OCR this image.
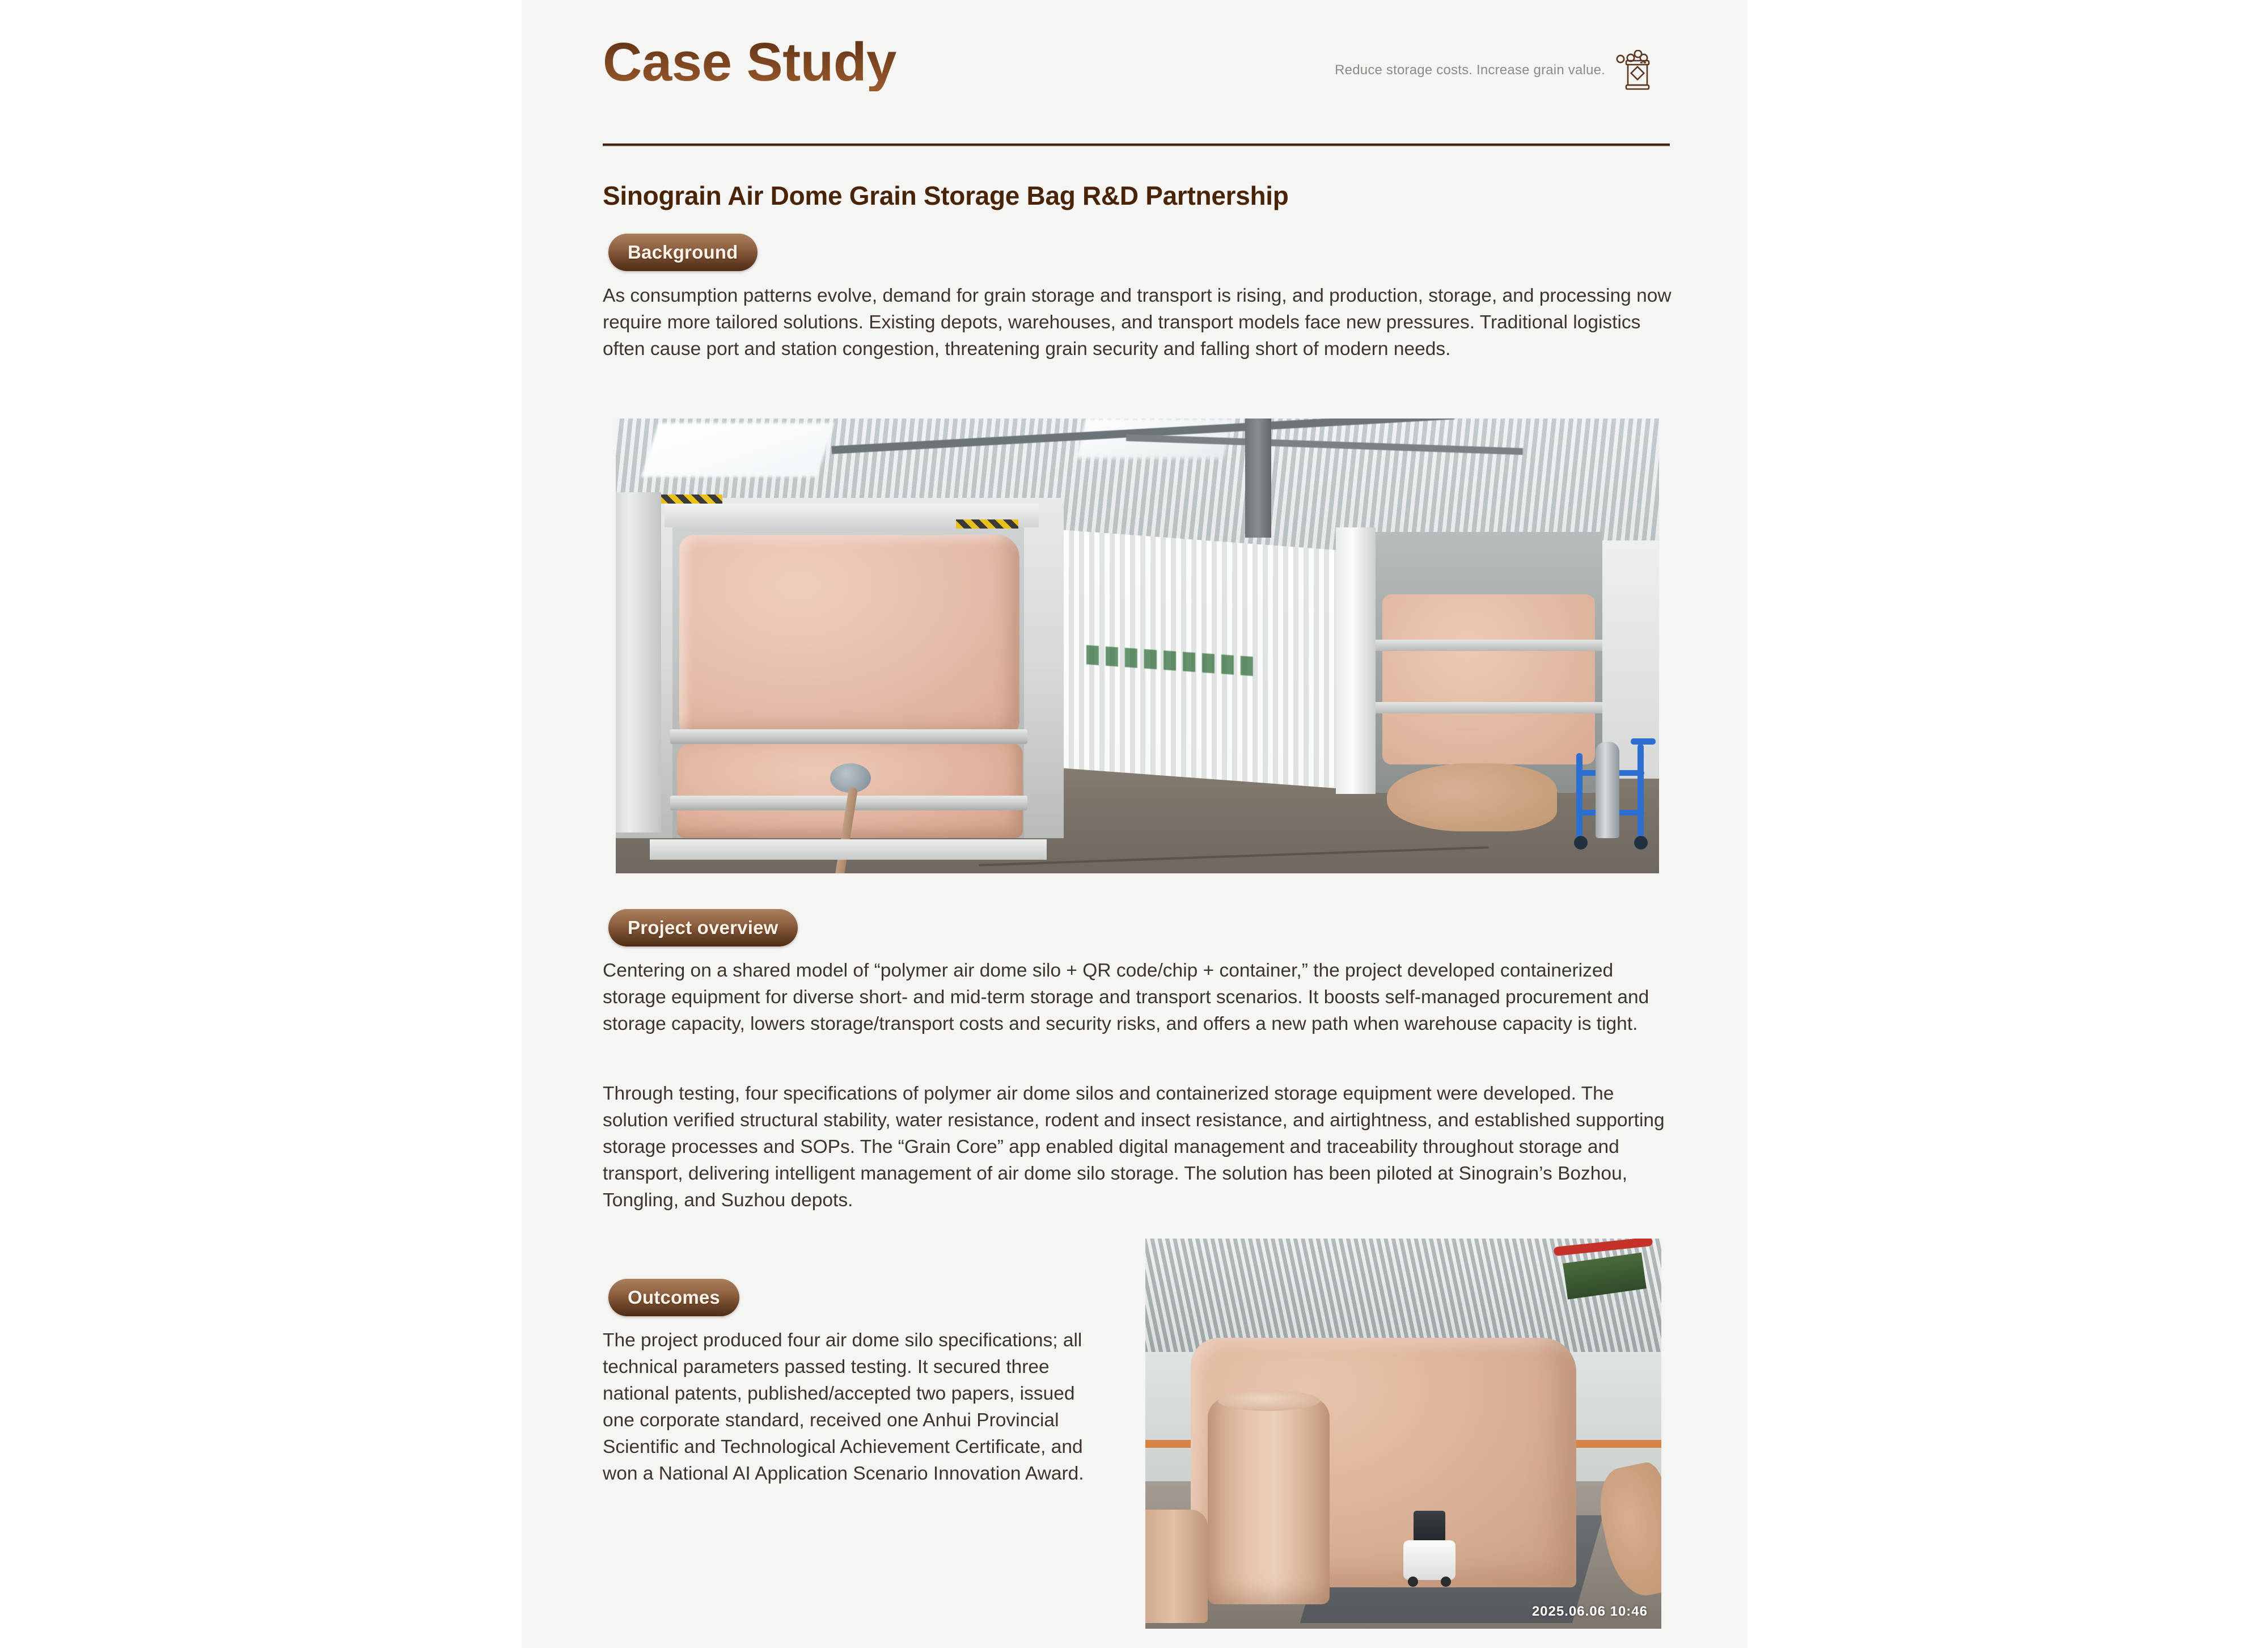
Case Study	Reduce storage costs. Increase grain value.
Sinograin Air Dome Grain Storage Bag R&D Partnership
Background
As consumption patterns evolve, demand for grain storage and transport is rising, and production, storage, and processing now require more tailored solutions. Existing depots, warehouses, and transport models face new pressures. Traditional logistics often cause port and station congestion, threatening grain security and falling short of modern needs.
Project overview
Centering on a shared model of “polymer air dome silo + QR code/chip + container,” the project developed containerized storage equipment for diverse short- and mid-term storage and transport scenarios. It boosts self-managed procurement and storage capacity, lowers storage/transport costs and security risks, and offers a new path when warehouse capacity is tight.
Through testing, four specifications of polymer air dome silos and containerized storage equipment were developed. The solution verified structural stability, water resistance, rodent and insect resistance, and airtightness, and established supporting storage processes and SOPs. The “Grain Core” app enabled digital management and traceability throughout storage and transport, delivering intelligent management of air dome silo storage. The solution has been piloted at Sinograin’s Bozhou, Tongling, and Suzhou depots.
Outcomes
The project produced four air dome silo specifications; all technical parameters passed testing. It secured three national patents, published/accepted two papers, issued one corporate standard, received one Anhui Provincial Scientific and Technological Achievement Certificate, and won a National AI Application Scenario Innovation Award.
2025.06.06 10:46
